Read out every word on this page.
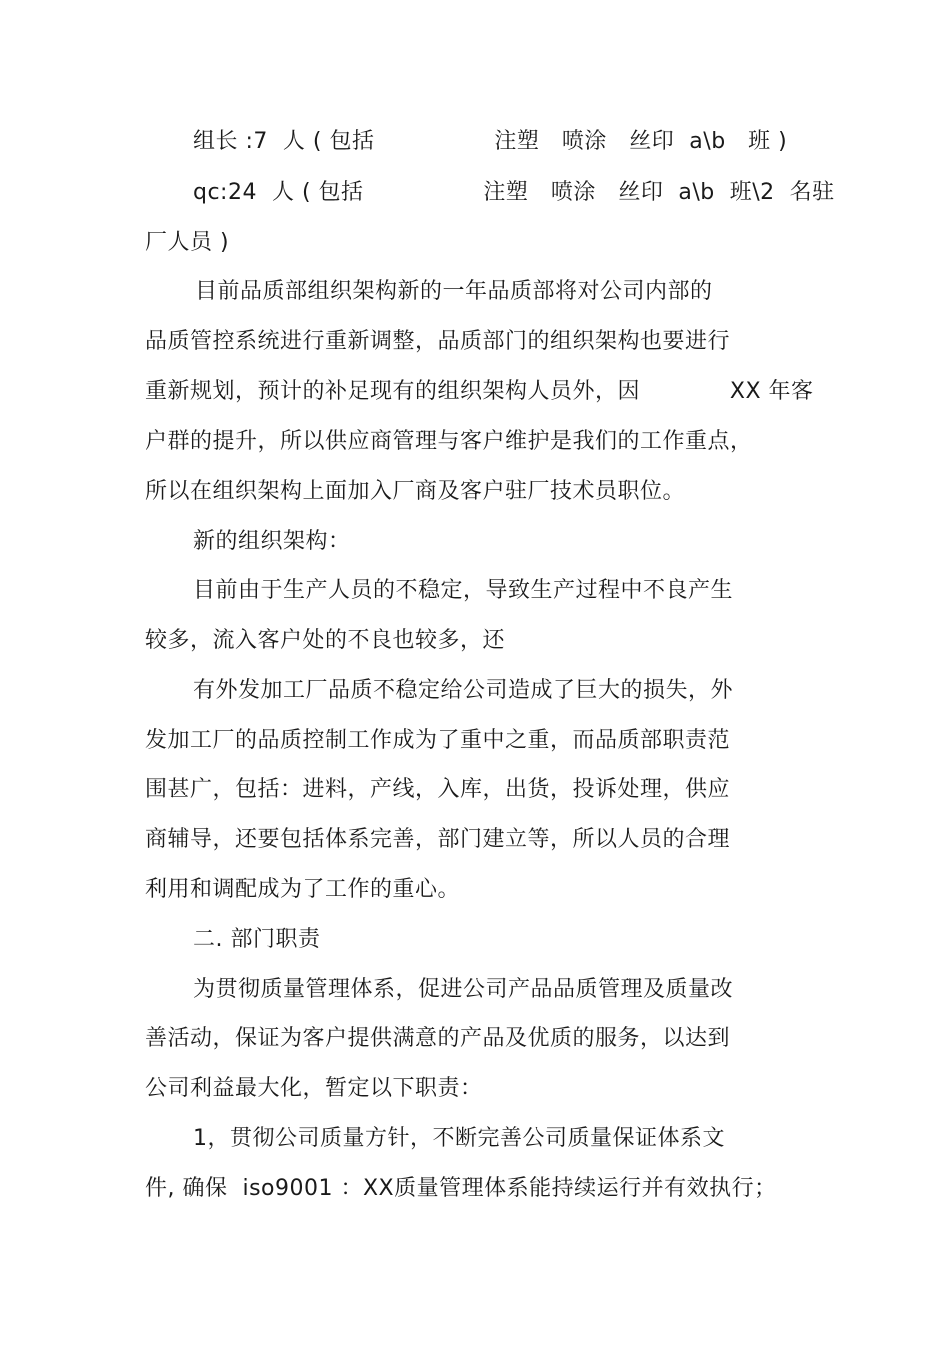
组长 :7  人 ( 包括                注塑   喷涂   丝印  a\b   班 )
qc:24  人 ( 包括                注塑   喷涂   丝印  a\b  班\2  名驻
厂人员 )
目前品质部组织架构新的一年品质部将对公司内部的
品质管控系统进行重新调整，品质部门的组织架构也要进行
重新规划，预计的补足现有的组织架构人员外，因            XX 年客
户群的提升，所以供应商管理与客户维护是我们的工作重点，
所以在组织架构上面加入厂商及客户驻厂技术员职位。
新的组织架构：
目前由于生产人员的不稳定，导致生产过程中不良产生
较多，流入客户处的不良也较多，还
有外发加工厂品质不稳定给公司造成了巨大的损失，外
发加工厂的品质控制工作成为了重中之重，而品质部职责范
围甚广，包括：进料，产线，入库，出货，投诉处理，供应
商辅导，还要包括体系完善，部门建立等，所以人员的合理
利用和调配成为了工作的重心。
二. 部门职责
为贯彻质量管理体系，促进公司产品品质管理及质量改
善活动，保证为客户提供满意的产品及优质的服务，以达到
公司利益最大化，暂定以下职责：
1，贯彻公司质量方针，不断完善公司质量保证体系文
件, 确保  iso9001 ：XX质量管理体系能持续运行并有效执行；
